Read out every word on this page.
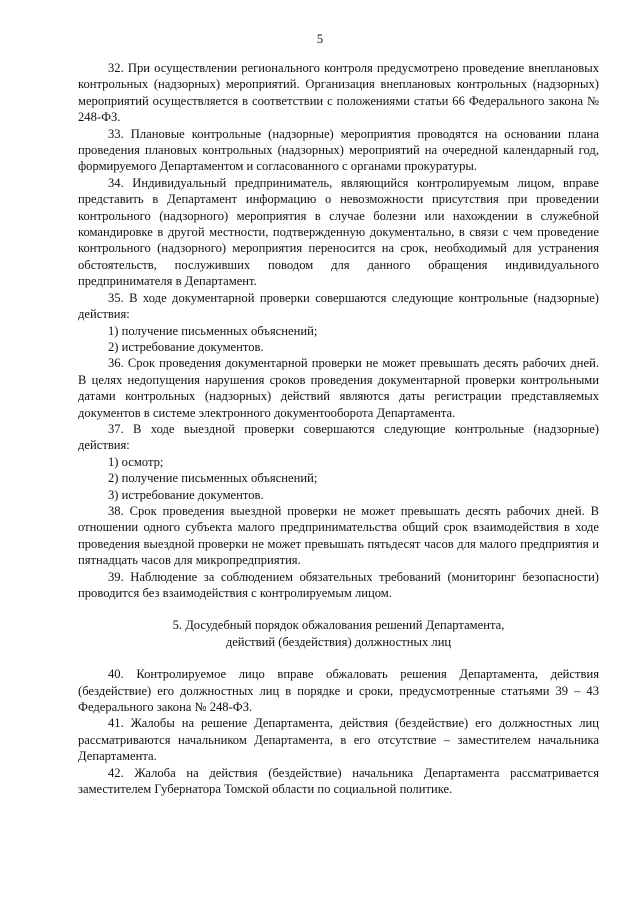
5

32. При осуществлении регионального контроля предусмотрено проведение внеплановых контрольных (надзорных) мероприятий. Организация внеплановых контрольных (надзорных) мероприятий осуществляется в соответствии с положениями статьи 66 Федерального закона № 248-ФЗ.

33. Плановые контрольные (надзорные) мероприятия проводятся на основании плана проведения плановых контрольных (надзорных) мероприятий на очередной календарный год, формируемого Департаментом и согласованного с органами прокуратуры.

34. Индивидуальный предприниматель, являющийся контролируемым лицом, вправе представить в Департамент информацию о невозможности присутствия при проведении контрольного (надзорного) мероприятия в случае болезни или нахождении в служебной командировке в другой местности, подтвержденную документально, в связи с чем проведение контрольного (надзорного) мероприятия переносится на срок, необходимый для устранения обстоятельств, послуживших поводом для данного обращения индивидуального предпринимателя в Департамент.

35. В ходе документарной проверки совершаются следующие контрольные (надзорные) действия:

1) получение письменных объяснений;

2) истребование документов.

36. Срок проведения документарной проверки не может превышать десять рабочих дней. В целях недопущения нарушения сроков проведения документарной проверки контрольными датами контрольных (надзорных) действий являются даты регистрации представляемых документов в системе электронного документооборота Департамента.

37. В ходе выездной проверки совершаются следующие контрольные (надзорные) действия:

1) осмотр;

2) получение письменных объяснений;

3) истребование документов.

38. Срок проведения выездной проверки не может превышать десять рабочих дней. В отношении одного субъекта малого предпринимательства общий срок взаимодействия в ходе проведения выездной проверки не может превышать пятьдесят часов для малого предприятия и пятнадцать часов для микропредприятия.

39. Наблюдение за соблюдением обязательных требований (мониторинг безопасности) проводится без взаимодействия с контролируемым лицом.

5. Досудебный порядок обжалования решений Департамента,
действий (бездействия) должностных лиц

40. Контролируемое лицо вправе обжаловать решения Департамента, действия (бездействие) его должностных лиц в порядке и сроки, предусмотренные статьями 39 – 43 Федерального закона № 248-ФЗ.

41. Жалобы на решение Департамента, действия (бездействие) его должностных лиц рассматриваются начальником Департамента, в его отсутствие – заместителем начальника Департамента.

42. Жалоба на действия (бездействие) начальника Департамента рассматривается заместителем Губернатора Томской области по социальной политике.
